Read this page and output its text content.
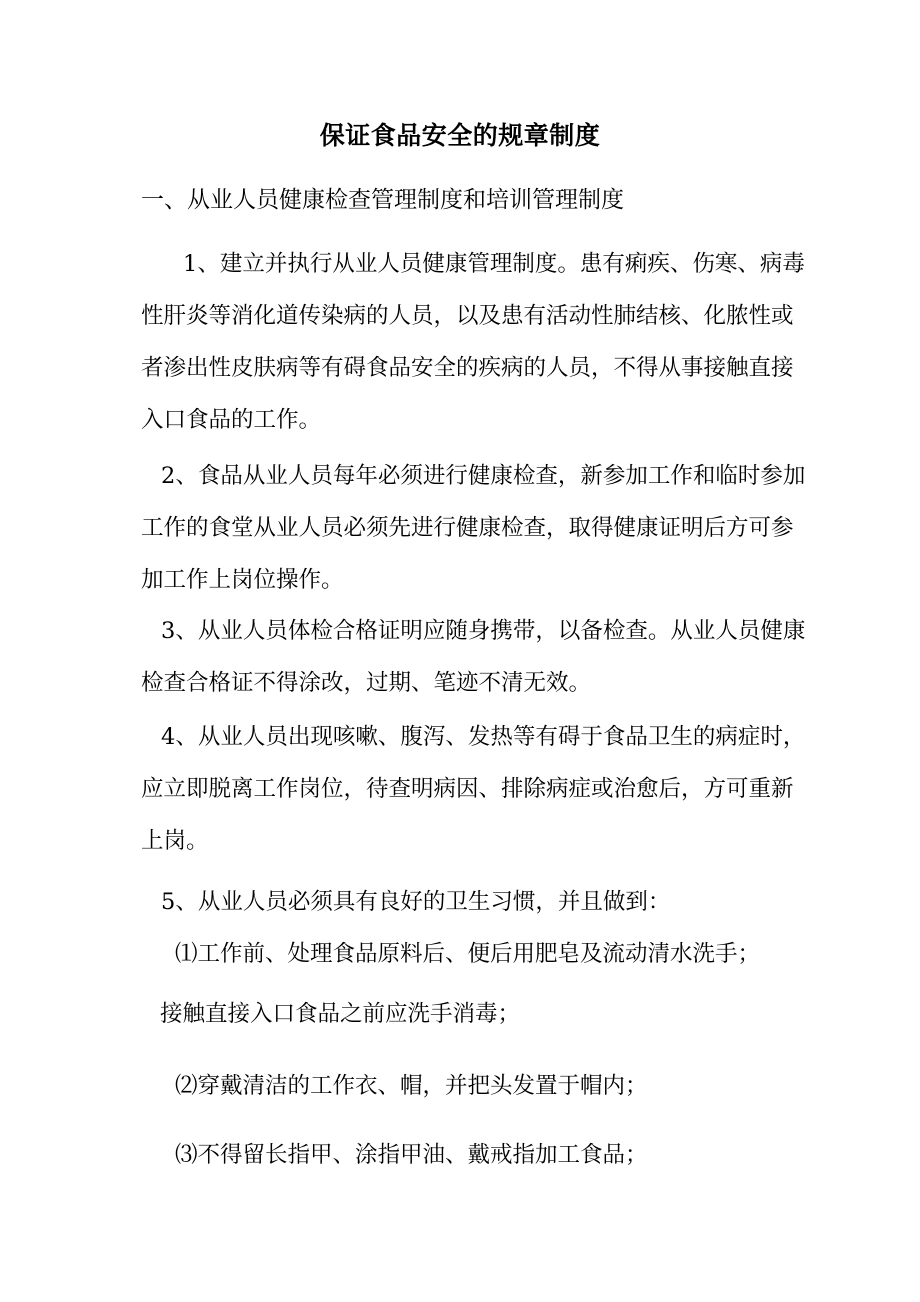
保证食品安全的规章制度
一、从业人员健康检查管理制度和培训管理制度
1、建立并执行从业人员健康管理制度。患有痢疾、伤寒、病毒
性肝炎等消化道传染病的人员，以及患有活动性肺结核、化脓性或
者渗出性皮肤病等有碍食品安全的疾病的人员，不得从事接触直接
入口食品的工作。
2、食品从业人员每年必须进行健康检查，新参加工作和临时参加
工作的食堂从业人员必须先进行健康检查，取得健康证明后方可参
加工作上岗位操作。
3、从业人员体检合格证明应随身携带，以备检查。从业人员健康
检查合格证不得涂改，过期、笔迹不清无效。
4、从业人员出现咳嗽、腹泻、发热等有碍于食品卫生的病症时，
应立即脱离工作岗位，待查明病因、排除病症或治愈后，方可重新
上岗。
5、从业人员必须具有良好的卫生习惯，并且做到：
⑴工作前、处理食品原料后、便后用肥皂及流动清水洗手；
接触直接入口食品之前应洗手消毒；
⑵穿戴清洁的工作衣、帽，并把头发置于帽内；
⑶不得留长指甲、涂指甲油、戴戒指加工食品；
